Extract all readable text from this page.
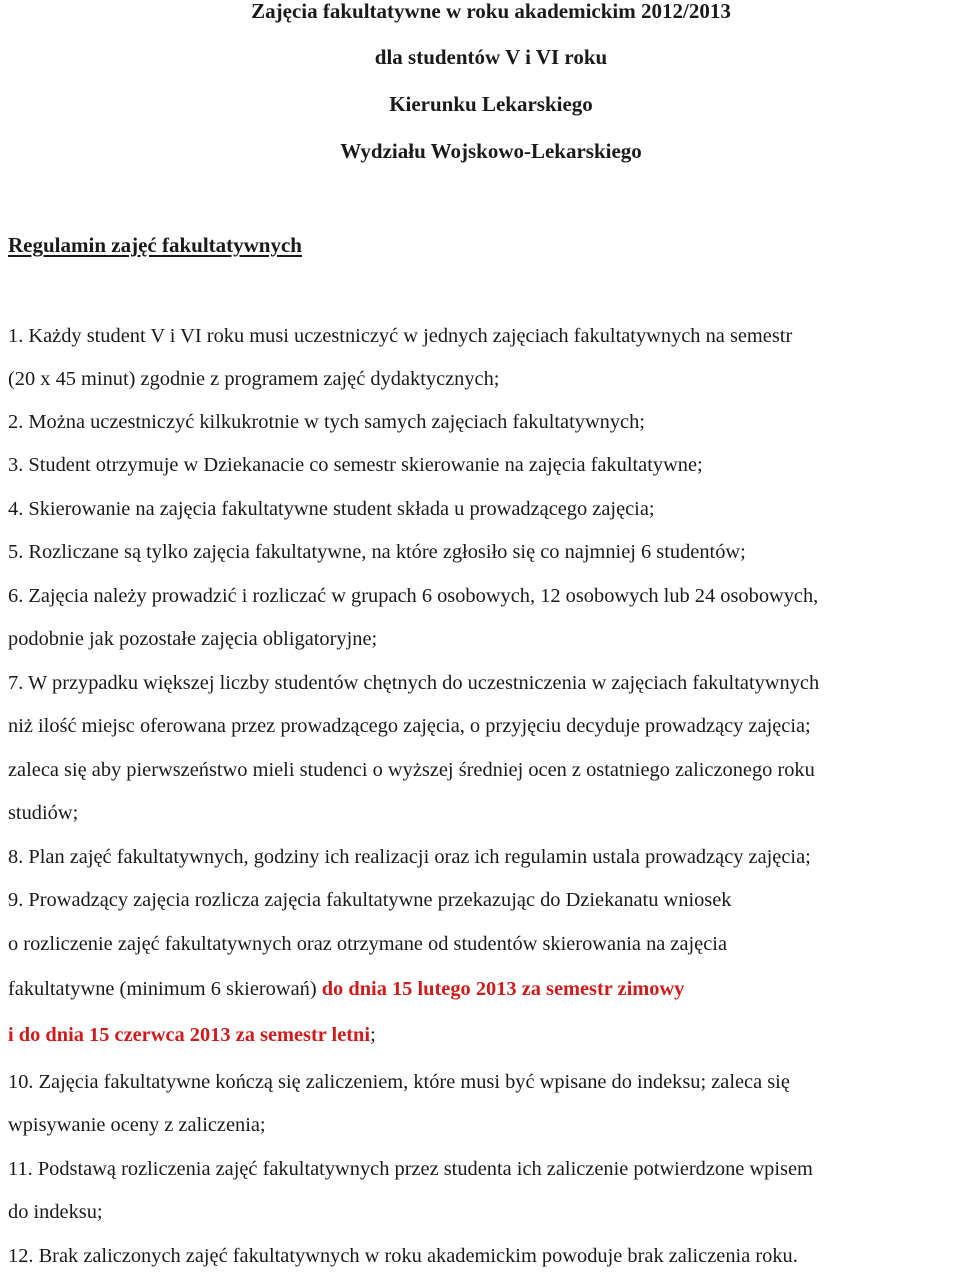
Zajęcia fakultatywne w roku akademickim 2012/2013
dla studentów V i VI roku
Kierunku Lekarskiego
Wydziału Wojskowo-Lekarskiego
Regulamin zajęć fakultatywnych
1. Każdy student V i VI roku musi uczestniczyć w jednych zajęciach fakultatywnych na semestr
(20 x 45 minut) zgodnie z programem zajęć dydaktycznych;
2. Można uczestniczyć kilkukrotnie w tych samych zajęciach fakultatywnych;
3. Student otrzymuje w Dziekanacie co semestr skierowanie na zajęcia fakultatywne;
4. Skierowanie na zajęcia fakultatywne student składa u prowadzącego zajęcia;
5. Rozliczane są tylko zajęcia fakultatywne, na które zgłosiło się co najmniej 6 studentów;
6. Zajęcia należy prowadzić i rozliczać w grupach 6 osobowych, 12 osobowych lub 24 osobowych,
podobnie jak pozostałe zajęcia obligatoryjne;
7. W przypadku większej liczby studentów chętnych do uczestniczenia w zajęciach fakultatywnych
niż ilość miejsc oferowana przez prowadzącego zajęcia, o przyjęciu decyduje prowadzący zajęcia;
zaleca się aby pierwszeństwo mieli studenci o wyższej średniej ocen z ostatniego zaliczonego roku
studiów;
8. Plan zajęć fakultatywnych, godziny ich realizacji oraz ich regulamin ustala prowadzący zajęcia;
9. Prowadzący zajęcia rozlicza zajęcia fakultatywne przekazując do Dziekanatu wniosek
o rozliczenie zajęć fakultatywnych oraz otrzymane od studentów skierowania na zajęcia
fakultatywne (minimum 6 skierowań) do dnia 15 lutego 2013 za semestr zimowy
i do dnia 15 czerwca 2013 za semestr letni;
10. Zajęcia fakultatywne kończą się zaliczeniem, które musi być wpisane do indeksu; zaleca się
wpisywanie oceny z zaliczenia;
11. Podstawą rozliczenia zajęć fakultatywnych przez studenta ich zaliczenie potwierdzone wpisem
do indeksu;
12. Brak zaliczonych zajęć fakultatywnych w roku akademickim powoduje brak zaliczenia roku.
